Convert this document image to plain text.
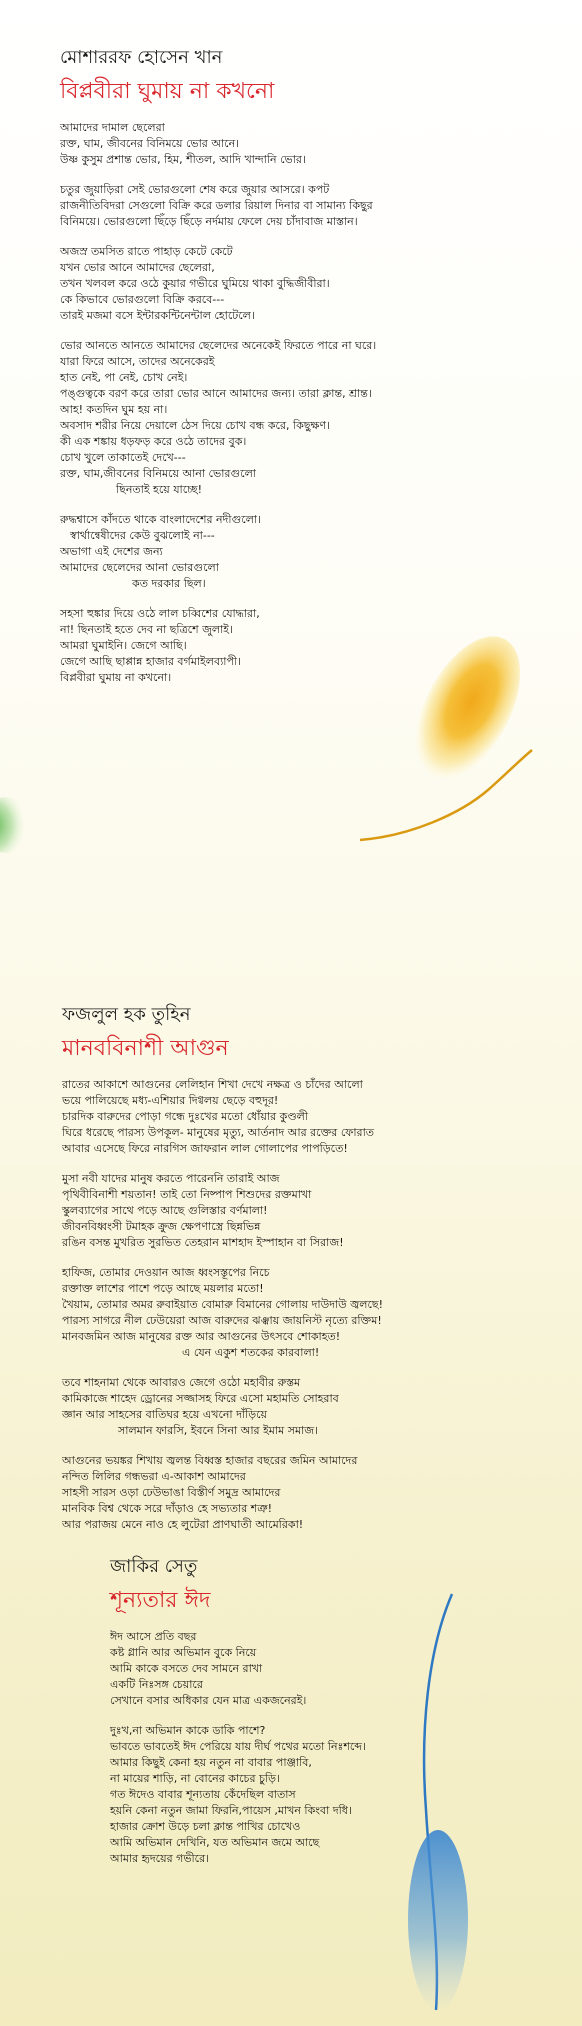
মোশাররফ হোসেন খান
বিপ্লবীরা ঘুমায় না কখনো
আমাদের দামাল ছেলেরা
রক্ত, ঘাম, জীবনের বিনিময়ে ভোর আনে।
উষ্ণ কুসুম প্রশান্ত ভোর, হিম, শীতল, আদি খান্দানি ভোর।
চতুর জুয়াড়িরা সেই ভোরগুলো শেষ করে জুয়ার আসরে। কপট
রাজনীতিবিদরা সেগুলো বিক্রি করে ডলার রিয়াল দিনার বা সামান্য কিছুর
বিনিময়ে। ভোরগুলো ছিঁড়ে ছিঁড়ে নর্দমায় ফেলে দেয় চাঁদাবাজ মাস্তান।
অজস্র তমসিত রাতে পাহাড় কেটে কেটে
যখন ভোর আনে আমাদের ছেলেরা,
তখন খলবল করে ওঠে কুয়ার গভীরে ঘুমিয়ে থাকা বুদ্ধিজীবীরা।
কে কিভাবে ভোরগুলো বিক্রি করবে---
তারই মজমা বসে ইন্টারকন্টিনেন্টাল হোটেলে।
ভোর আনতে আনতে আমাদের ছেলেদের অনেকেই ফিরতে পারে না ঘরে।
যারা ফিরে আসে, তাদের অনেকেরই
হাত নেই, পা নেই, চোখ নেই।
পঙ্গুত্বকে বরণ করে তারা ভোর আনে আমাদের জন্য। তারা ক্লান্ত, শ্রান্ত।
আহ! কতদিন ঘুম হয় না।
অবসাদ শরীর নিয়ে দেয়ালে ঠেস দিয়ে চোখ বন্ধ করে, কিছুক্ষণ।
কী এক শঙ্কায় ধড়ফড় করে ওঠে তাদের বুক।
চোখ খুলে তাকাতেই দেখে---
রক্ত, ঘাম,জীবনের বিনিময়ে আনা ভোরগুলো
ছিনতাই হয়ে যাচ্ছে!
রুদ্ধশ্বাসে কাঁদতে থাকে বাংলাদেশের নদীগুলো।
স্বার্থান্বেষীদের কেউ বুঝলোই না---
অভাগা এই দেশের জন্য
আমাদের ছেলেদের আনা ভোরগুলো
কত দরকার ছিল।
সহসা হুঙ্কার দিয়ে ওঠে লাল চব্বিশের যোদ্ধারা,
না! ছিনতাই হতে দেব না ছত্রিশে জুলাই।
আমরা ঘুমাইনি। জেগে আছি।
জেগে আছি ছাপ্পান্ন হাজার বর্গমাইলব্যাপী।
বিপ্লবীরা ঘুমায় না কখনো।
ফজলুল হক তুহিন
মানববিনাশী আগুন
রাতের আকাশে আগুনের লেলিহান শিখা দেখে নক্ষত্র ও চাঁদের আলো
ভয়ে পালিয়েছে মধ্য-এশিয়ার দিগ্বলয় ছেড়ে বহুদূর!
চারদিক বারুদের পোড়া গন্ধে দুঃখের মতো ধোঁয়ার কুণ্ডলী
ঘিরে ধরেছে পারস্য উপকূল- মানুষের মৃত্যু, আর্তনাদ আর রক্তের ফোরাত
আবার এসেছে ফিরে নারগিস জাফরান লাল গোলাপের পাপড়িতে!
মুসা নবী যাদের মানুষ করতে পারেননি তারাই আজ
পৃথিবীবিনাশী শয়তান! তাই তো নিষ্পাপ শিশুদের রক্তমাখা
স্কুলব্যাগের সাথে পড়ে আছে গুলিস্তার বর্ণমালা!
জীবনবিধ্বংসী টমাহক ক্রুজ ক্ষেপণাস্ত্রে ছিন্নভিন্ন
রঙিন বসন্ত মুখরিত সুরভিত তেহরান মাশহাদ ইস্পাহান বা সিরাজ!
হাফিজ, তোমার দেওয়ান আজ ধ্বংসস্তূপের নিচে
রক্তাক্ত লাশের পাশে পড়ে আছে ময়লার মতো!
খৈয়াম, তোমার অমর রুবাইয়াত বোমারু বিমানের গোলায় দাউদাউ জ্বলছে!
পারস্য সাগরে নীল ঢেউয়েরা আজ বারুদের ঝঞ্ঝায় জায়নিস্ট নৃত্যে রক্তিম!
মানবজমিন আজ মানুষের রক্ত আর আগুনের উৎসবে শোকাহত!
এ যেন একুশ শতকের কারবালা!
তবে শাহনামা থেকে আবারও জেগে ওঠো মহাবীর রুস্তম
কামিকাজে শাহেদ ড্রোনের সজ্জাসহ ফিরে এসো মহামতি সোহরাব
জ্ঞান আর সাহসের বাতিঘর হয়ে এখনো দাঁড়িয়ে
সালমান ফারসি, ইবনে সিনা আর ইমাম সমাজ।
আগুনের ভয়ঙ্কর শিখায় জ্বলন্ত বিধ্বস্ত হাজার বছরের জমিন আমাদের
নন্দিত লিলির গন্ধভরা এ-আকাশ আমাদের
সাহসী সারস ওড়া ঢেউভাঙা বিস্তীর্ণ সমুদ্র আমাদের
মানবিক বিশ্ব থেকে সরে দাঁড়াও হে সভ্যতার শত্রু!
আর পরাজয় মেনে নাও হে লুটেরা প্রাণঘাতী আমেরিকা!
জাকির সেতু
শূন্যতার ঈদ
ঈদ আসে প্রতি বছর
কষ্ট গ্লানি আর অভিমান বুকে নিয়ে
আমি কাকে বসতে দেব সামনে রাখা
একটি নিঃসঙ্গ চেয়ারে
সেখানে বসার অধিকার যেন মাত্র একজনেরই।
দুঃখ,না অভিমান কাকে ডাকি পাশে?
ভাবতে ভাবতেই ঈদ পেরিয়ে যায় দীর্ঘ পথের মতো নিঃশব্দে।
আমার কিছুই কেনা হয় নতুন না বাবার পাঞ্জাবি,
না মায়ের শাড়ি, না বোনের কাচের চুড়ি।
গত ঈদেও বাবার শূন্যতায় কেঁদেছিল বাতাস
হয়নি কেনা নতুন জামা ফিরনি,পায়েস ,মাখন কিংবা দধি।
হাজার ক্রোশ উড়ে চলা ক্লান্ত পাখির চোখেও
আমি অভিমান দেখিনি, যত অভিমান জমে আছে
আমার হৃদয়ের গভীরে।
